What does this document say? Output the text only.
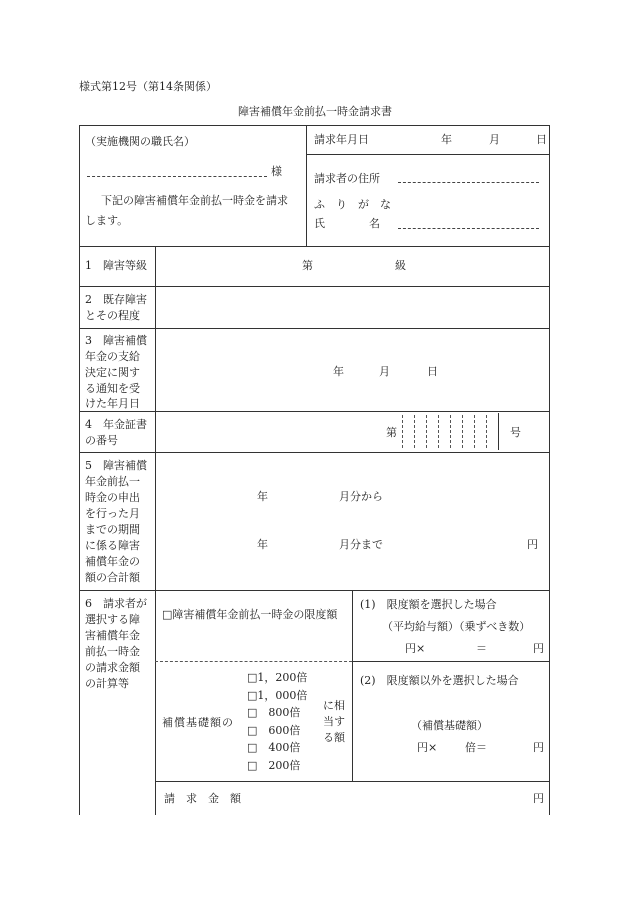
様式第12号（第14条関係）
障害補償年金前払一時金請求書
（実施機関の職氏名）
様
下記の障害補償年金前払一時金を請求
します。
請求年月日	年	月	日
請求者の住所
ふ　り　が　な
氏　　　　名
1　障害等級	第	級
2　既存障害
とその程度
3　障害補償
年金の支給
決定に関す
る通知を受
けた年月日
年	月	日
4　年金証書
の番号
第	号
5　障害補償
年金前払一
時金の申出
を行った月
までの期間
に係る障害
補償年金の
額の合計額
年	月分から
年	月分まで	円
6　請求者が
選択する障
害補償年金
前払一時金
の請求金額
の計算等
□障害補償年金前払一時金の限度額
補償基礎額の
□1，200倍
□1，000倍
□　800倍
□　600倍
□　400倍
□　200倍
に相
当す
る額
(1)　限度額を選択した場合
（平均給与額）（乗ずべき数）
円×	＝	円
(2)　限度額以外を選択した場合
（補償基礎額）
円×	倍＝	円
請　求　金　額	円
